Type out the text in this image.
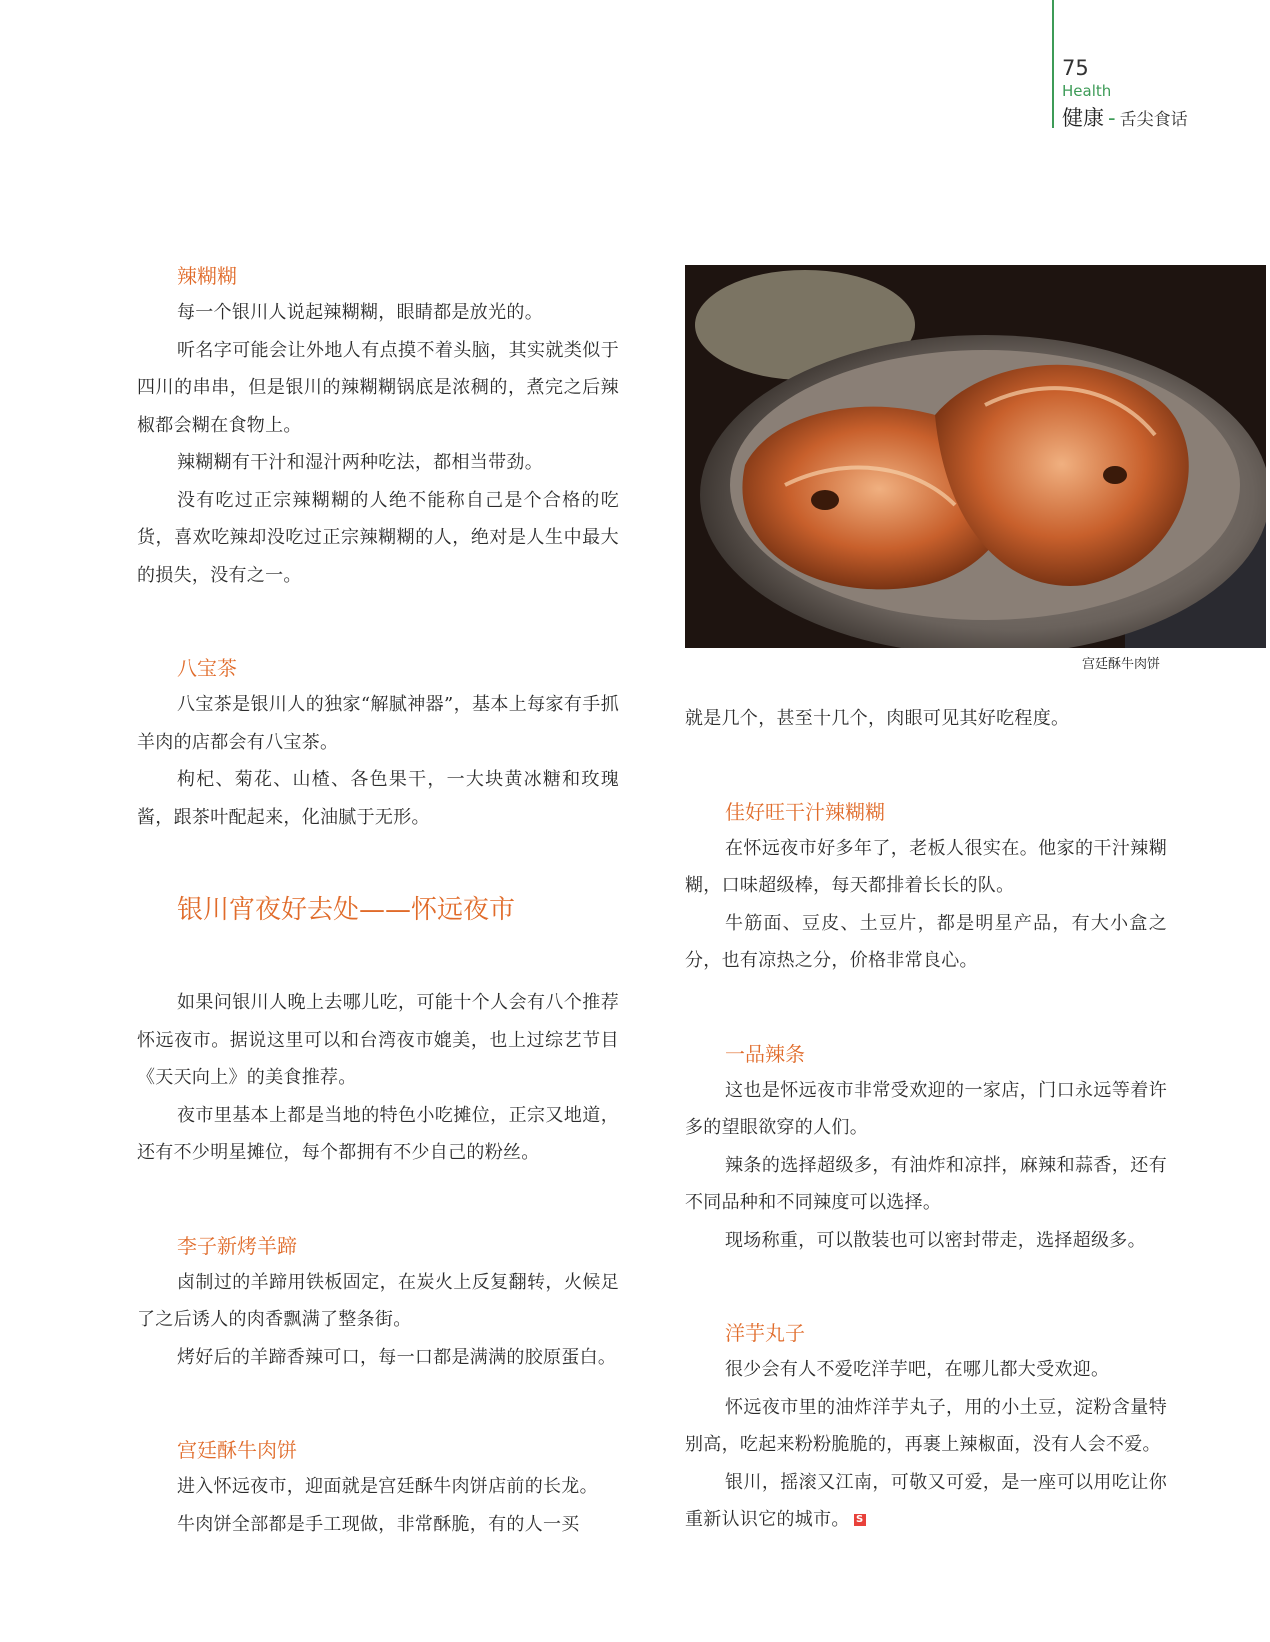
75
Health
健康 - 舌尖食话
辣糊糊

每一个银川人说起辣糊糊，眼睛都是放光的。

听名字可能会让外地人有点摸不着头脑，其实就类似于四川的串串，但是银川的辣糊糊锅底是浓稠的，煮完之后辣椒都会糊在食物上。

辣糊糊有干汁和湿汁两种吃法，都相当带劲。

没有吃过正宗辣糊糊的人绝不能称自己是个合格的吃货，喜欢吃辣却没吃过正宗辣糊糊的人，绝对是人生中最大的损失，没有之一。

八宝茶

八宝茶是银川人的独家“解腻神器”，基本上每家有手抓羊肉的店都会有八宝茶。

枸杞、菊花、山楂、各色果干，一大块黄冰糖和玫瑰酱，跟茶叶配起来，化油腻于无形。

银川宵夜好去处——怀远夜市

如果问银川人晚上去哪儿吃，可能十个人会有八个推荐怀远夜市。据说这里可以和台湾夜市媲美，也上过综艺节目《天天向上》的美食推荐。

夜市里基本上都是当地的特色小吃摊位，正宗又地道，还有不少明星摊位，每个都拥有不少自己的粉丝。

李子新烤羊蹄

卤制过的羊蹄用铁板固定，在炭火上反复翻转，火候足了之后诱人的肉香飘满了整条街。

烤好后的羊蹄香辣可口，每一口都是满满的胶原蛋白。

宫廷酥牛肉饼

进入怀远夜市，迎面就是宫廷酥牛肉饼店前的长龙。

牛肉饼全部都是手工现做，非常酥脆，有的人一买

宫廷酥牛肉饼

就是几个，甚至十几个，肉眼可见其好吃程度。

佳好旺干汁辣糊糊

在怀远夜市好多年了，老板人很实在。他家的干汁辣糊糊，口味超级棒，每天都排着长长的队。

牛筋面、豆皮、土豆片，都是明星产品，有大小盒之分，也有凉热之分，价格非常良心。

一品辣条

这也是怀远夜市非常受欢迎的一家店，门口永远等着许多的望眼欲穿的人们。

辣条的选择超级多，有油炸和凉拌，麻辣和蒜香，还有不同品种和不同辣度可以选择。

现场称重，可以散装也可以密封带走，选择超级多。

洋芋丸子

很少会有人不爱吃洋芋吧，在哪儿都大受欢迎。

怀远夜市里的油炸洋芋丸子，用的小土豆，淀粉含量特别高，吃起来粉粉脆脆的，再裹上辣椒面，没有人会不爱。

银川，摇滚又江南，可敬又可爱，是一座可以用吃让你重新认识它的城市。 S
